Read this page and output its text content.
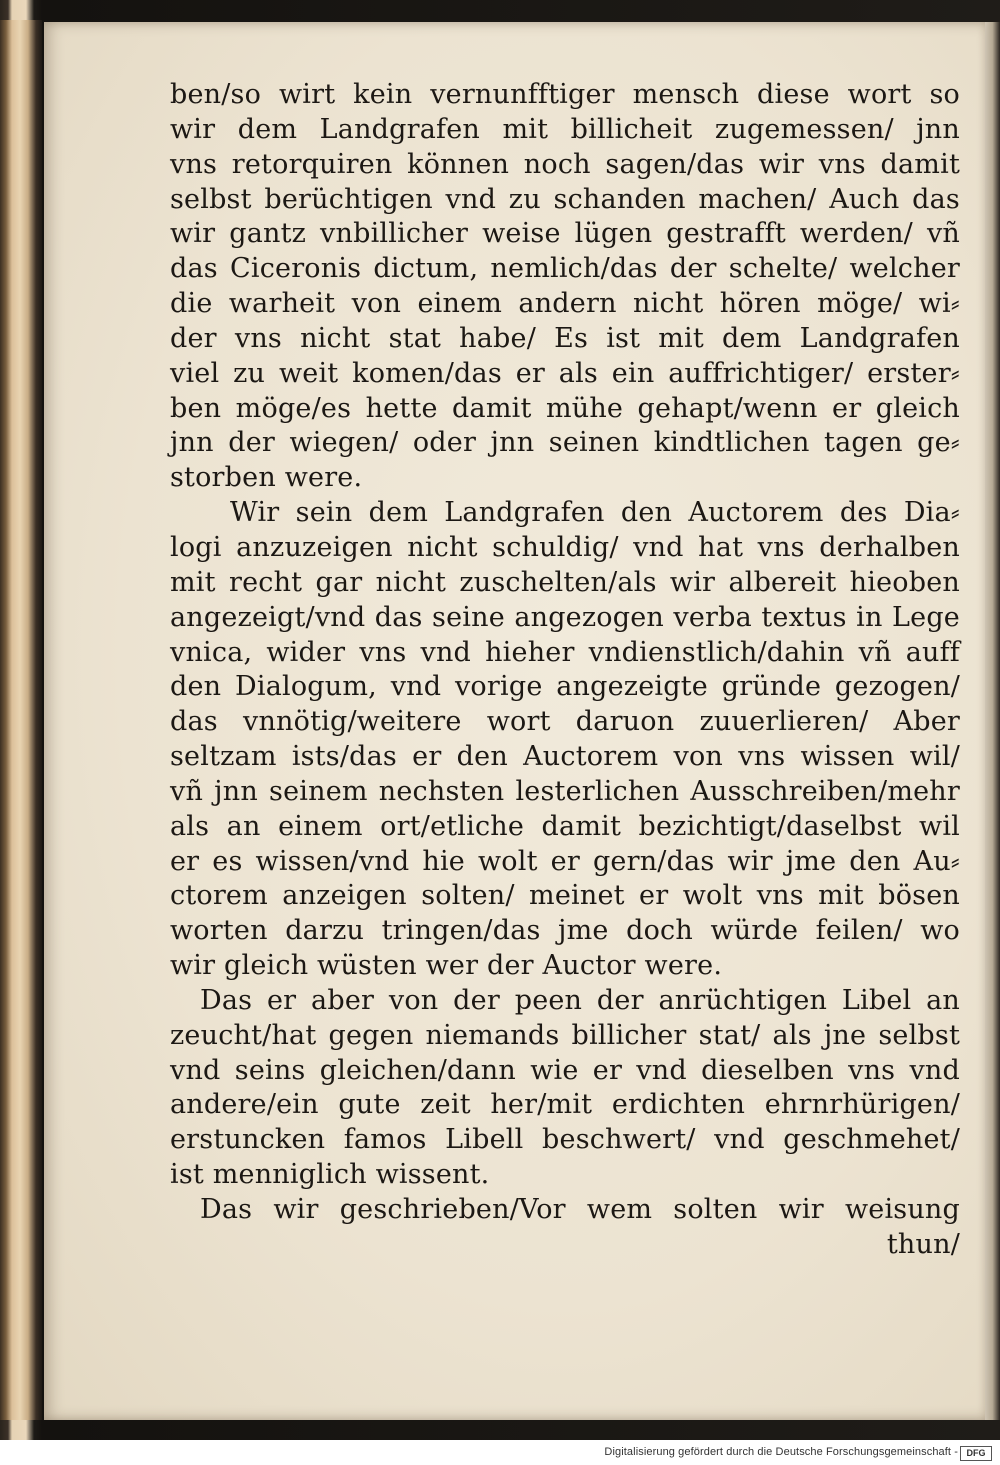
ben/so wirt kein vernunfftiger mensch diese wort so
wir dem Landgrafen mit billicheit zugemessen/ jnn
vns retorquiren können noch sagen/das wir vns damit
selbst berüchtigen vnd zu schanden machen/ Auch das
wir gantz vnbillicher weise lügen gestrafft werden/ vñ
das Ciceronis dictum, nemlich/das der schelte/ welcher
die warheit von einem andern nicht hören möge/ wi⸗
der vns nicht stat habe/ Es ist mit dem Landgrafen
viel zu weit komen/das er als ein auffrichtiger/ erster⸗
ben möge/es hette damit mühe gehapt/wenn er gleich
jnn der wiegen/ oder jnn seinen kindtlichen tagen ge⸗
storben were.
Wir sein dem Landgrafen den Auctorem des Dia⸗
logi anzuzeigen nicht schuldig/ vnd hat vns derhalben
mit recht gar nicht zuschelten/als wir albereit hieoben
angezeigt/vnd das seine angezogen verba textus in Lege
vnica, wider vns vnd hieher vndienstlich/dahin vñ auff
den Dialogum, vnd vorige angezeigte gründe gezogen/
das vnnötig/weitere wort daruon zuuerlieren/ Aber
seltzam ists/das er den Auctorem von vns wissen wil/
vñ jnn seinem nechsten lesterlichen Ausschreiben/mehr
als an einem ort/etliche damit bezichtigt/daselbst wil
er es wissen/vnd hie wolt er gern/das wir jme den Au⸗
ctorem anzeigen solten/ meinet er wolt vns mit bösen
worten darzu tringen/das jme doch würde feilen/ wo
wir gleich wüsten wer der Auctor were.
Das er aber von der peen der anrüchtigen Libel an
zeucht/hat gegen niemands billicher stat/ als jne selbst
vnd seins gleichen/dann wie er vnd dieselben vns vnd
andere/ein gute zeit her/mit erdichten ehrnrhürigen/
erstuncken famos Libell beschwert/ vnd geschmehet/
ist menniglich wissent.
Das wir geschrieben/Vor wem solten wir weisung
thun/
Digitalisierung gefördert durch die Deutsche Forschungsgemeinschaft - DFG
